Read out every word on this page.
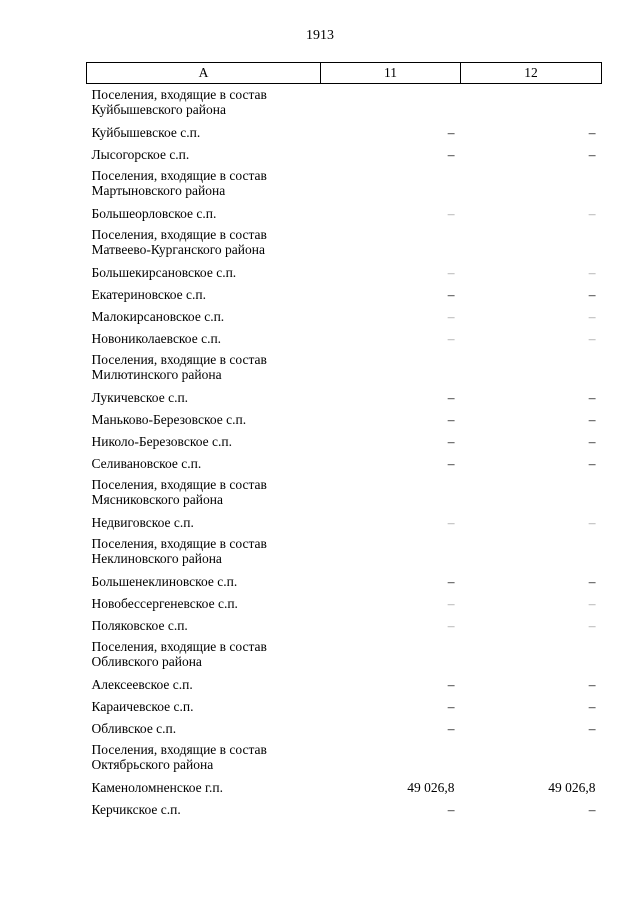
1913
А	11	12
Поселения, входящие в состав Куйбышевского района		
Куйбышевское с.п.	–	–
Лысогорское с.п.	–	–
Поселения, входящие в состав Мартыновского района		
Большеорловское с.п.	–	–
Поселения, входящие в состав Матвеево-Курганского района		
Большекирсановское с.п.	–	–
Екатериновское с.п.	–	–
Малокирсановское с.п.	–	–
Новониколаевское с.п.	–	–
Поселения, входящие в состав Милютинского района		
Лукичевское с.п.	–	–
Маньково-Березовское с.п.	–	–
Николо-Березовское с.п.	–	–
Селивановское с.п.	–	–
Поселения, входящие в состав Мясниковского района		
Недвиговское с.п.	–	–
Поселения, входящие в состав Неклиновского района		
Большенеклиновское с.п.	–	–
Новобессергеневское с.п.	–	–
Поляковское с.п.	–	–
Поселения, входящие в состав Обливского района		
Алексеевское с.п.	–	–
Караичевское с.п.	–	–
Обливское с.п.	–	–
Поселения, входящие в состав Октябрьского района		
Каменоломненское г.п.	49 026,8	49 026,8
Керчикское с.п.	–	–
